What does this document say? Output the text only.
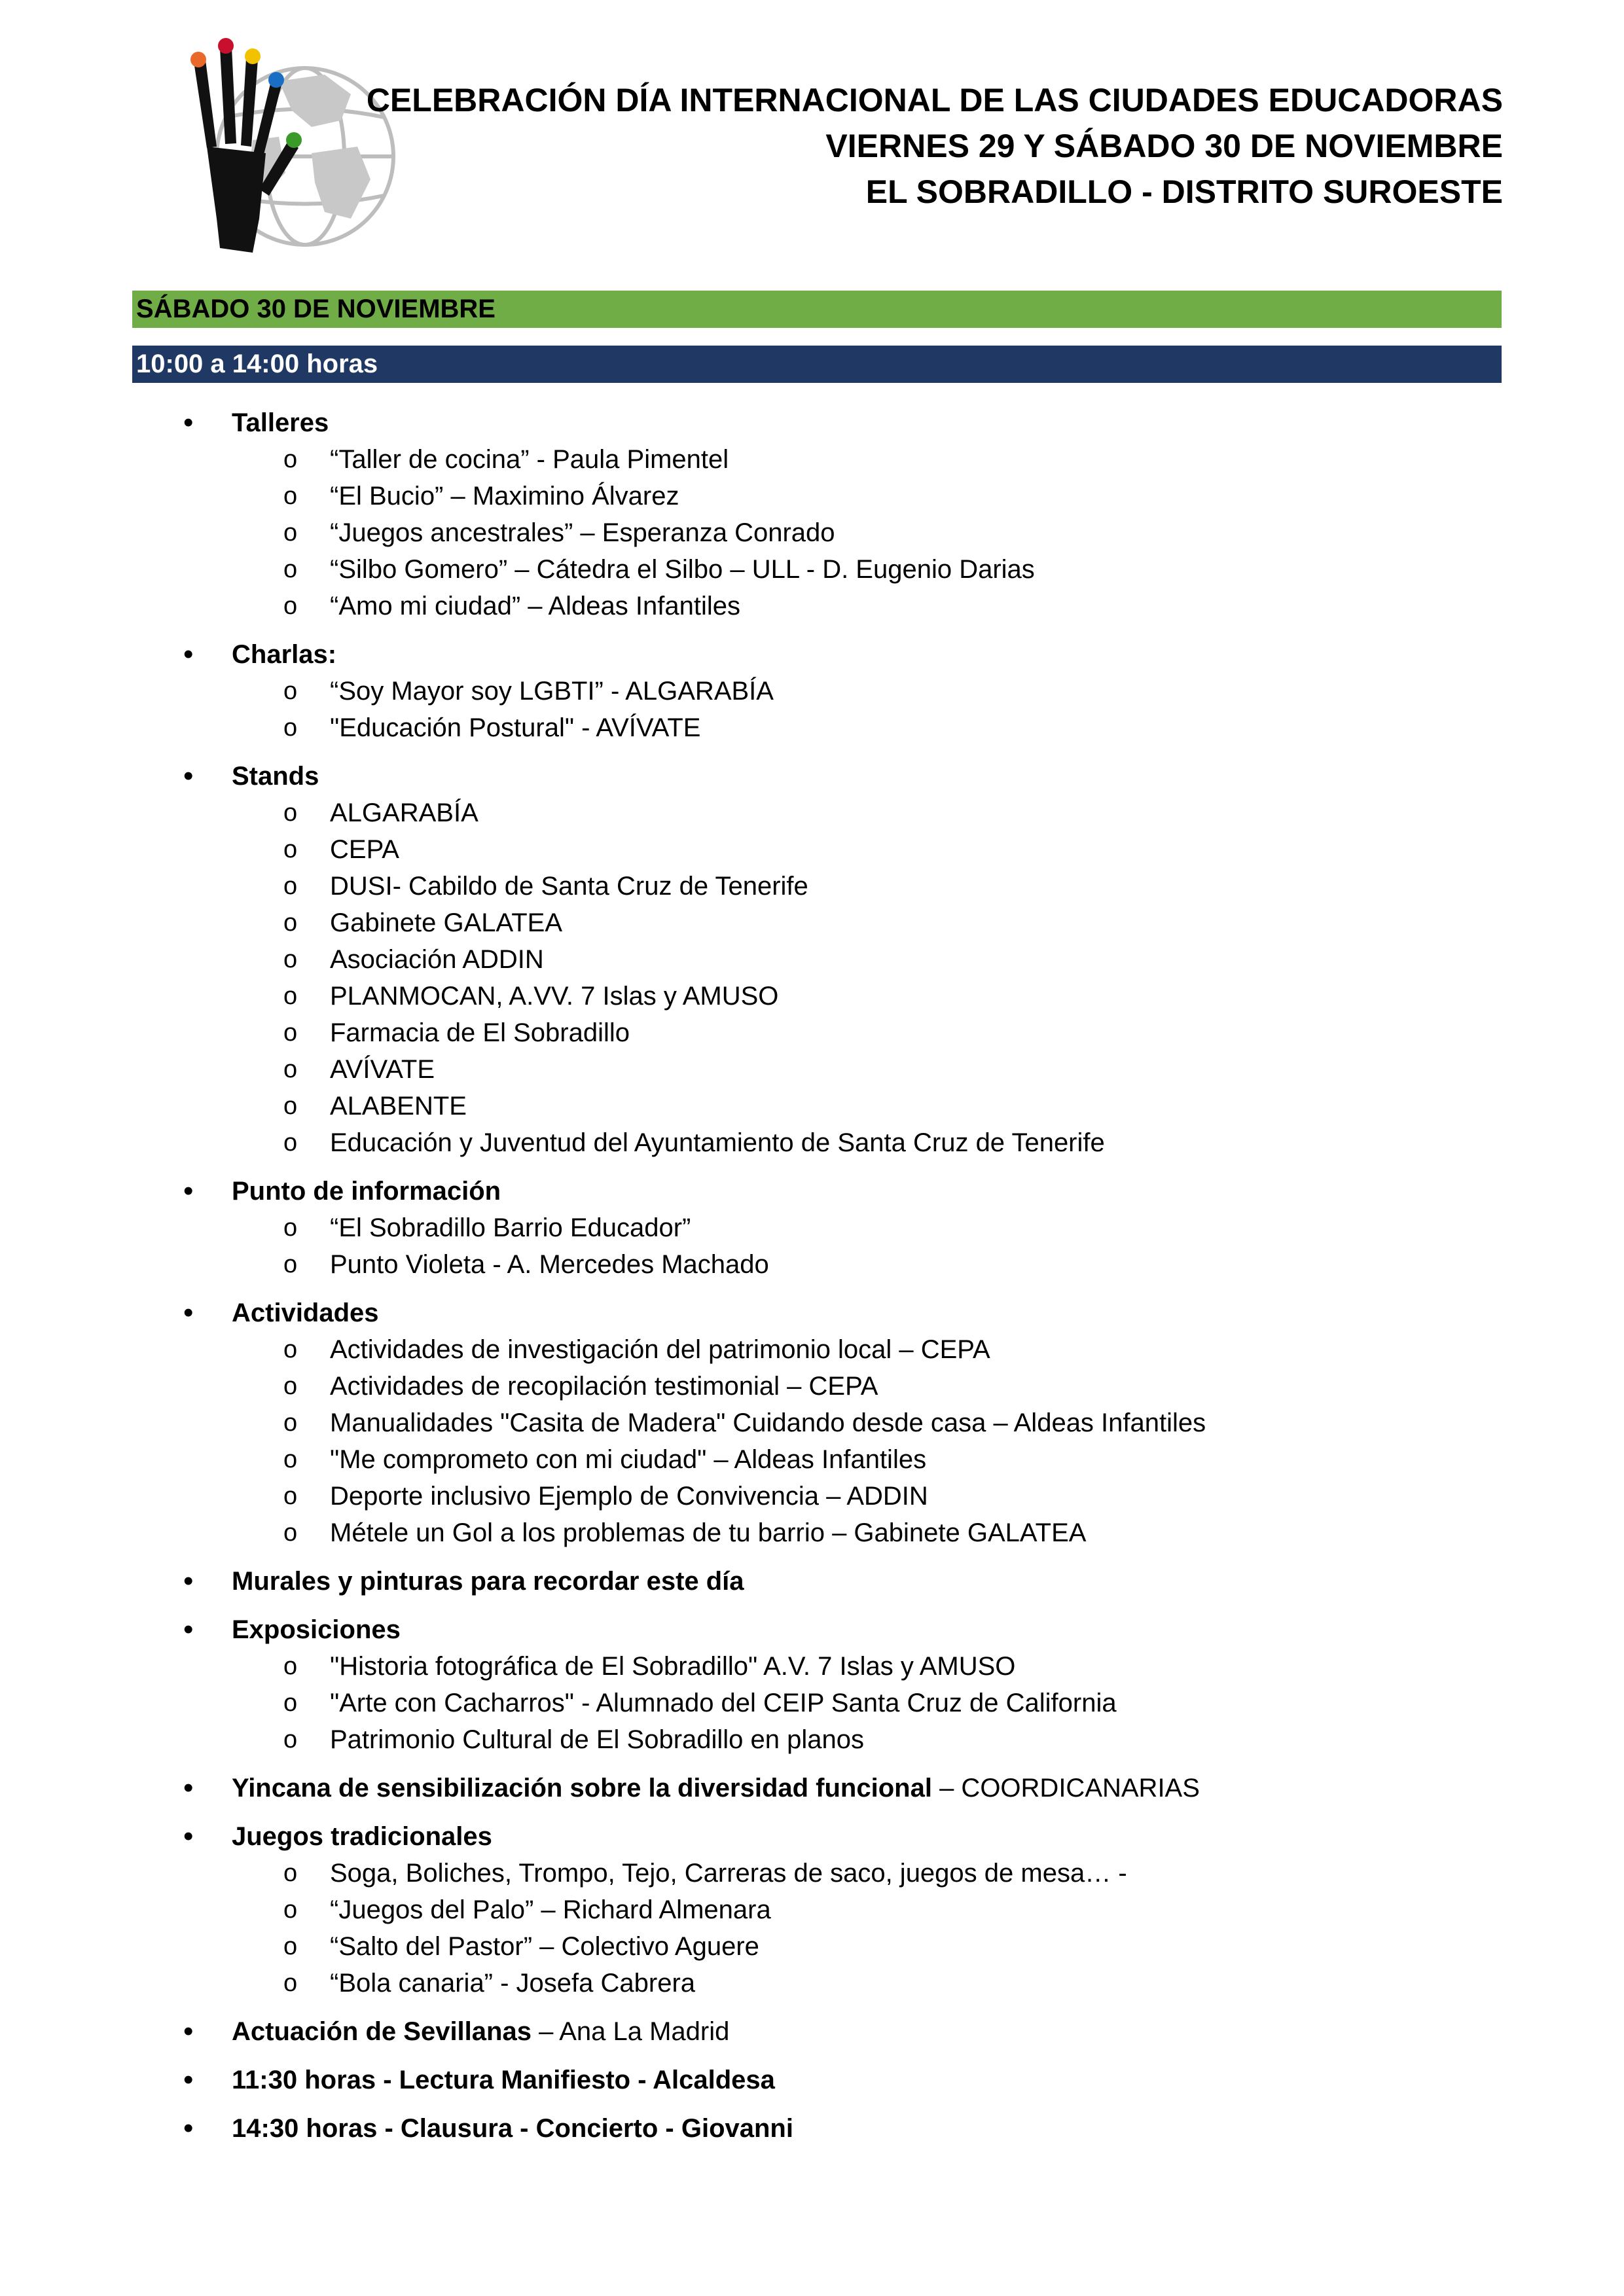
CELEBRACIÓN DÍA INTERNACIONAL DE LAS CIUDADES EDUCADORAS
VIERNES 29 Y SÁBADO 30 DE NOVIEMBRE
EL SOBRADILLO - DISTRITO SUROESTE
SÁBADO 30 DE NOVIEMBRE
10:00 a 14:00 horas
• Talleres
o “Taller de cocina” - Paula Pimentel
o “El Bucio” – Maximino Álvarez
o “Juegos ancestrales” – Esperanza Conrado
o “Silbo Gomero” – Cátedra el Silbo – ULL - D. Eugenio Darias
o “Amo mi ciudad” – Aldeas Infantiles
• Charlas:
o “Soy Mayor soy LGBTI” - ALGARABÍA
o "Educación Postural" - AVÍVATE
• Stands
o ALGARABÍA
o CEPA
o DUSI- Cabildo de Santa Cruz de Tenerife
o Gabinete GALATEA
o Asociación ADDIN
o PLANMOCAN, A.VV. 7 Islas y AMUSO
o Farmacia de El Sobradillo
o AVÍVATE
o ALABENTE
o Educación y Juventud del Ayuntamiento de Santa Cruz de Tenerife
• Punto de información
o “El Sobradillo Barrio Educador”
o Punto Violeta - A. Mercedes Machado
• Actividades
o Actividades de investigación del patrimonio local – CEPA
o Actividades de recopilación testimonial – CEPA
o Manualidades "Casita de Madera" Cuidando desde casa – Aldeas Infantiles
o "Me comprometo con mi ciudad" – Aldeas Infantiles
o Deporte inclusivo Ejemplo de Convivencia – ADDIN
o Métele un Gol a los problemas de tu barrio – Gabinete GALATEA
• Murales y pinturas para recordar este día
• Exposiciones
o "Historia fotográfica de El Sobradillo" A.V. 7 Islas y AMUSO
o "Arte con Cacharros" - Alumnado del CEIP Santa Cruz de California
o Patrimonio Cultural de El Sobradillo en planos
• Yincana de sensibilización sobre la diversidad funcional – COORDICANARIAS
• Juegos tradicionales
o Soga, Boliches, Trompo, Tejo, Carreras de saco, juegos de mesa… -
o “Juegos del Palo” – Richard Almenara
o “Salto del Pastor” – Colectivo Aguere
o “Bola canaria” - Josefa Cabrera
• Actuación de Sevillanas – Ana La Madrid
• 11:30 horas - Lectura Manifiesto - Alcaldesa
• 14:30 horas - Clausura - Concierto - Giovanni
